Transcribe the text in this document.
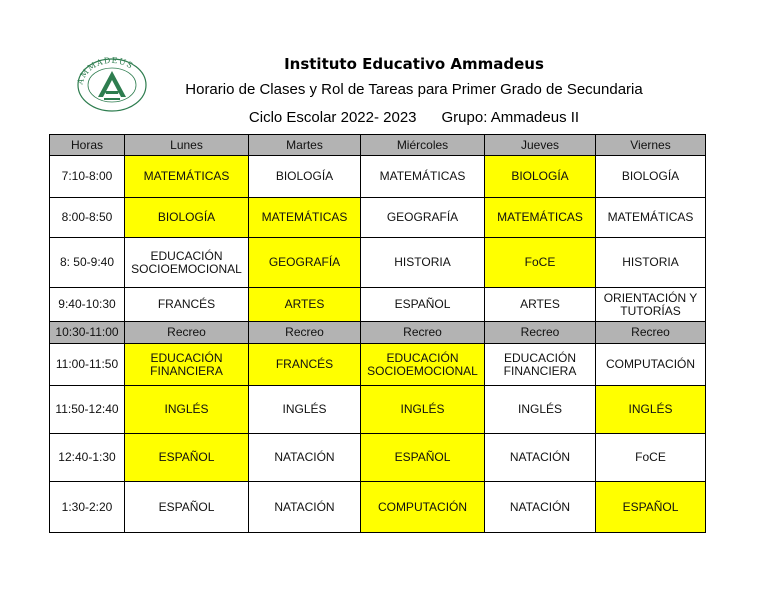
AMMADEUS	Instituto Educativo Ammadeus
Horario de Clases y Rol de Tareas para Primer Grado de Secundaria
Ciclo Escolar 2022- 2023 Grupo: Ammadeus II
Horas	Lunes	Martes	Miércoles	Jueves	Viernes
7:10-8:00	MATEMÁTICAS	BIOLOGÍA	MATEMÁTICAS	BIOLOGÍA	BIOLOGÍA

8:00-8:50	BIOLOGÍA	MATEMÁTICAS	GEOGRAFÍA	MATEMÁTICAS	MATEMÁTICAS

8: 50-9:40	EDUCACIÓN SOCIOEMOCIONAL	GEOGRAFÍA	HISTORIA	FoCE	HISTORIA

9:40-10:30	FRANCÉS	ARTES	ESPAÑOL	ARTES	ORIENTACIÓN Y TUTORÍAS

10:30-11:00	Recreo	Recreo	Recreo	Recreo	Recreo

11:00-11:50	EDUCACIÓN FINANCIERA	FRANCÉS	EDUCACIÓN SOCIOEMOCIONAL	EDUCACIÓN FINANCIERA	COMPUTACIÓN

11:50-12:40	INGLÉS	INGLÉS	INGLÉS	INGLÉS	INGLÉS

12:40-1:30	ESPAÑOL	NATACIÓN	ESPAÑOL	NATACIÓN	FoCE

1:30-2:20	ESPAÑOL	NATACIÓN	COMPUTACIÓN	NATACIÓN	ESPAÑOL
